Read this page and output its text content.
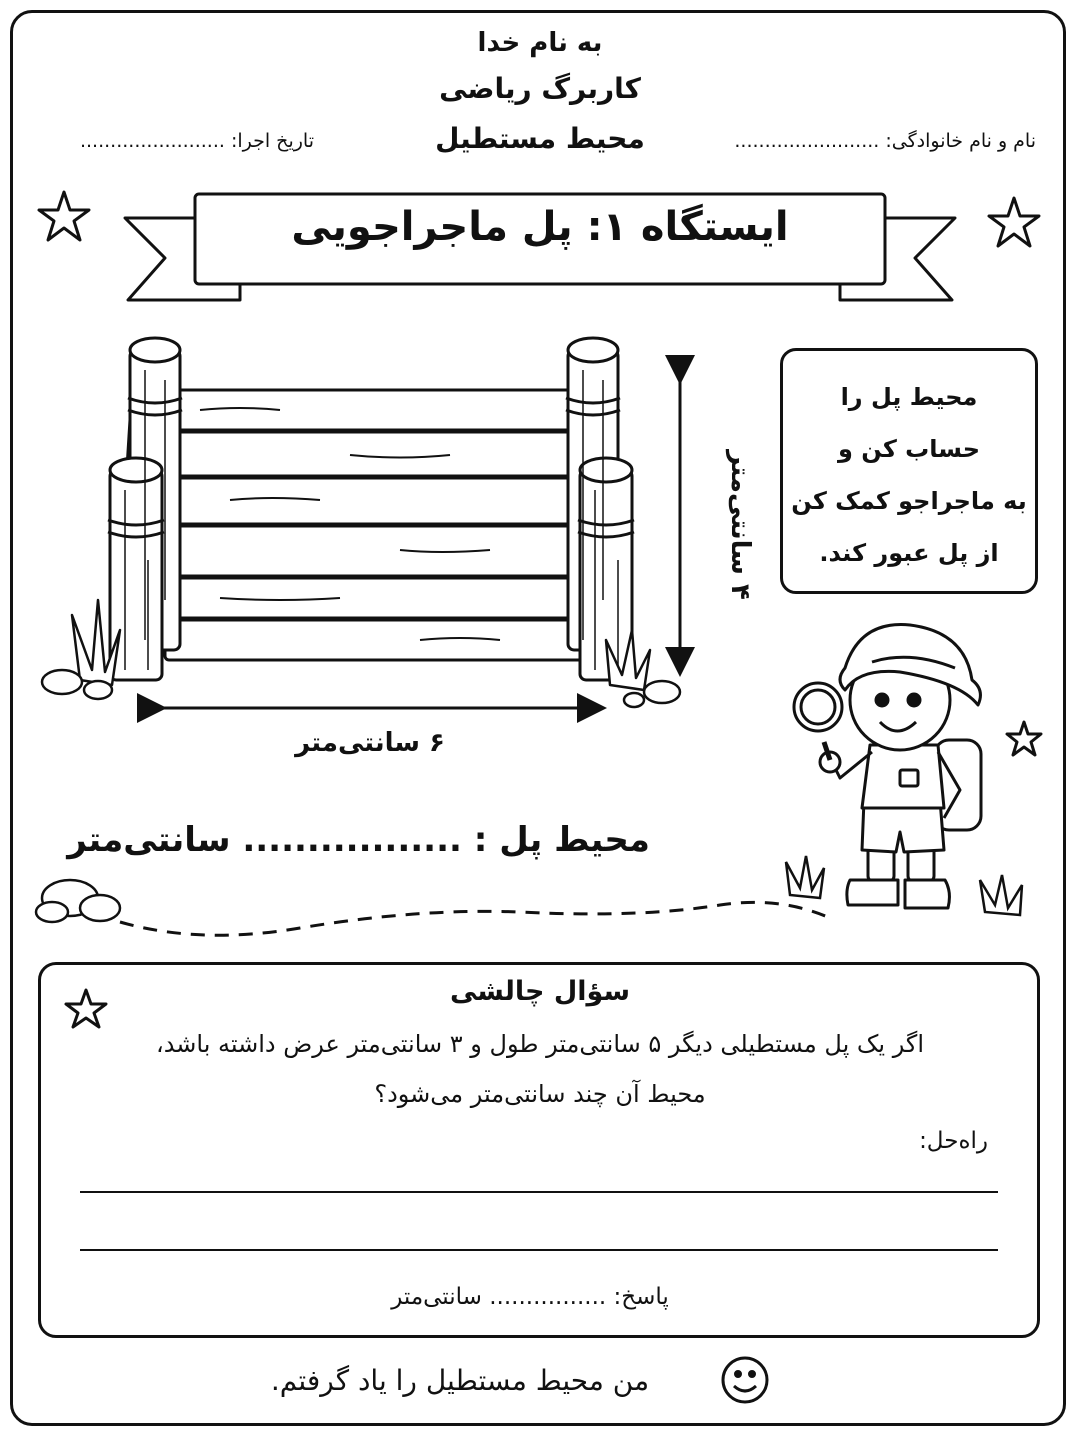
به نام خدا
کاربرگ ریاضی
محیط مستطیل	نام و نام خانوادگی: ........................
تاریخ اجرا: ........................
ایستگاه ۱: پل ماجراجویی
محیط پل را
حساب کن و
به ماجراجو کمک کن
از پل عبور کند.
۶ سانتی‌متر
۴ سانتی‌متر
محیط پل : ................. سانتی‌متر
سؤال چالشی
اگر یک پل مستطیلی دیگر ۵ سانتی‌متر طول و ۳ سانتی‌متر عرض داشته باشد،
محیط آن چند سانتی‌متر می‌شود؟
راه‌حل:
پاسخ: ................ سانتی‌متر
من محیط مستطیل را یاد گرفتم.
